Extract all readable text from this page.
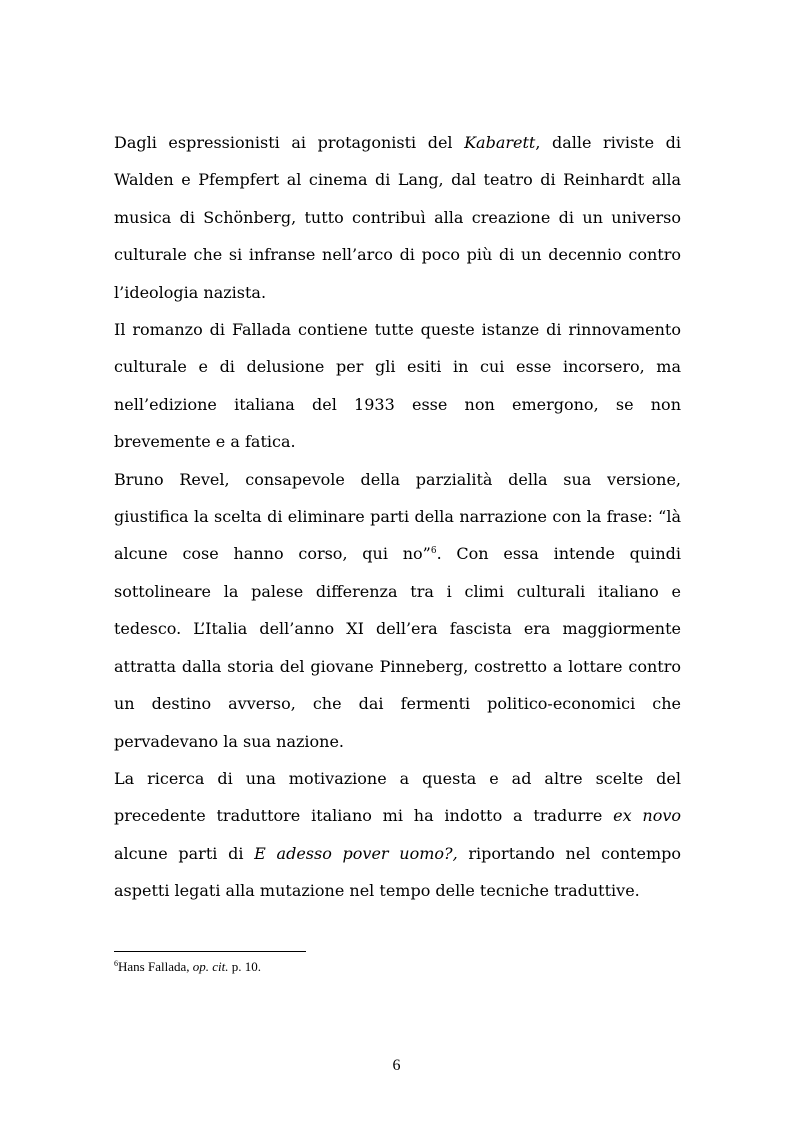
Dagli espressionisti ai protagonisti del Kabarett, dalle riviste di Walden e Pfempfert al cinema di Lang, dal teatro di Reinhardt alla musica di Schönberg, tutto contribuì alla creazione di un universo culturale che si infranse nell’arco di poco più di un decennio contro l’ideologia nazista.

Il romanzo di Fallada contiene tutte queste istanze di rinnovamento culturale e di delusione per gli esiti in cui esse incorsero, ma nell’edizione italiana del 1933 esse non emergono, se non brevemente e a fatica.

Bruno Revel, consapevole della parzialità della sua versione, giustifica la scelta di eliminare parti della narrazione con la frase: “là alcune cose hanno corso, qui no”$^6$. Con essa intende quindi sottolineare la palese differenza tra i climi culturali italiano e tedesco. L’Italia dell’anno XI dell’era fascista era maggiormente attratta dalla storia del giovane Pinneberg, costretto a lottare contro un destino avverso, che dai fermenti politico-economici che pervadevano la sua nazione.

La ricerca di una motivazione a questa e ad altre scelte del precedente traduttore italiano mi ha indotto a tradurre ex novo alcune parti di E adesso pover uomo?, riportando nel contempo aspetti legati alla mutazione nel tempo delle tecniche traduttive.

$^6$Hans Fallada, op. cit. p. 10.
6
